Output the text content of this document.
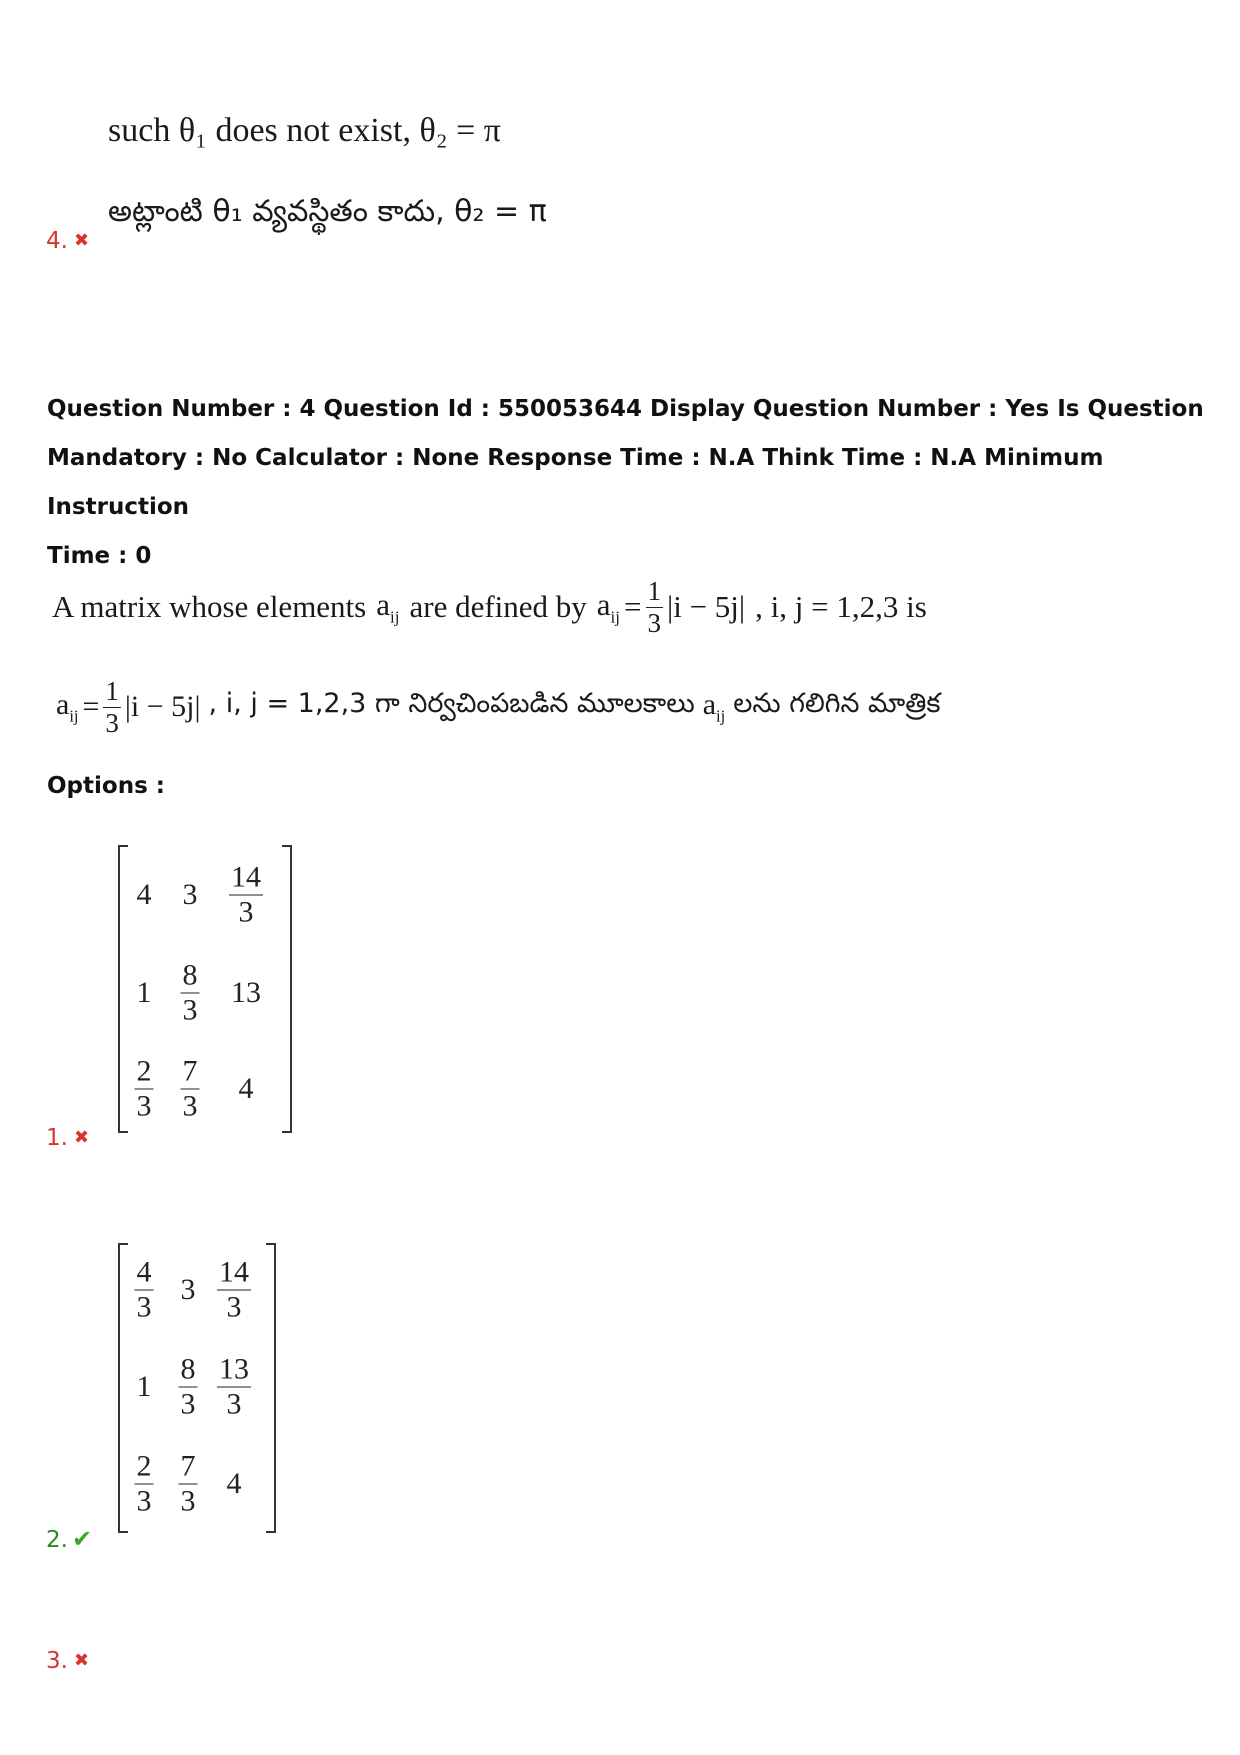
such θ₁ does not exist, θ₂ = π
అట్లాంటి θ₁ వ్యవస్థితం కాదు, θ₂ = π
4. ✖
Question Number : 4 Question Id : 550053644 Display Question Number : Yes Is Question
Mandatory : No Calculator : None Response Time : N.A Think Time : N.A Minimum Instruction
Time : 0
A matrix whose elements $a_{ij}$ are defined by $a_{ij} = \frac{1}{3} |i - 5j|$ , i, j = 1,2,3 is
$a_{ij} = \frac{1}{3} |i - 5j|$ , i, j = 1,2,3 గా నిర్వచింపబడిన మూలకాలు $a_{ij}$ లను గలిగిన మాత్రిక
Options :
4 $3 \frac{14}{3}$
$1 \frac{8}{3} 13$
$\frac{2}{3} \frac{7}{3} 4$
1. ✖
$\frac{4}{3} 3 \frac{14}{3}$
$1 \frac{8}{3} \frac{13}{3}$
$\frac{2}{3} \frac{7}{3} 4$
2. ✔
3. ✖
